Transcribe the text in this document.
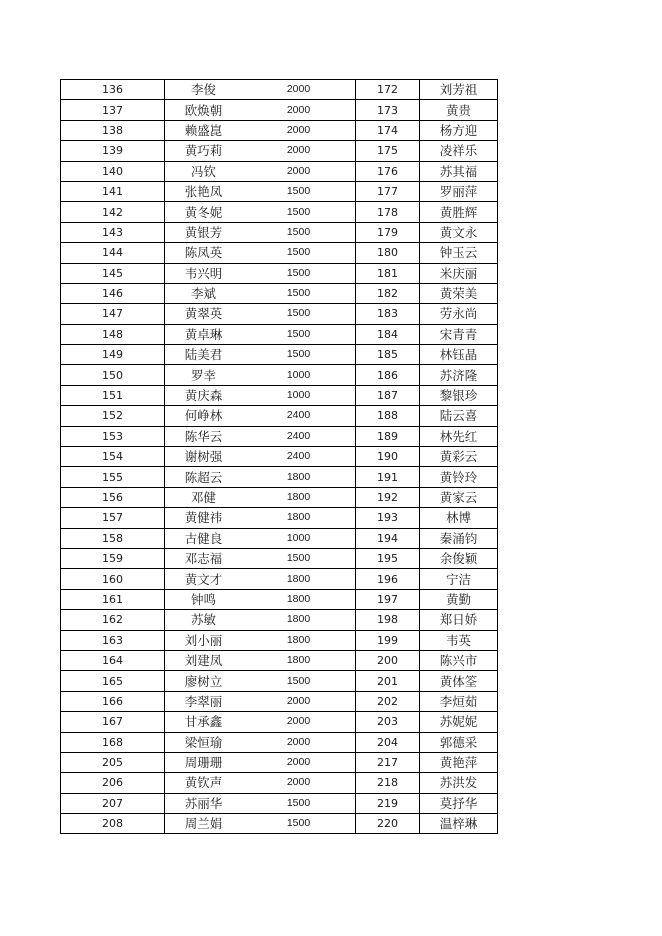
136	李俊	2000	172	刘芳祖
137	欧焕朝	2000	173	黄贵
138	赖盛崑	2000	174	杨方迎
139	黄巧莉	2000	175	凌祥乐
140	冯钦	2000	176	苏其福
141	张艳凤	1500	177	罗丽萍
142	黄冬妮	1500	178	黄胜辉
143	黄银芳	1500	179	黄文永
144	陈凤英	1500	180	钟玉云
145	韦兴明	1500	181	米庆丽
146	李斌	1500	182	黄荣美
147	黄翠英	1500	183	劳永尚
148	黄卓琳	1500	184	宋青青
149	陆美君	1500	185	林钰晶
150	罗幸	1000	186	苏济隆
151	黄庆森	1000	187	黎银珍
152	何峥林	2400	188	陆云喜
153	陈华云	2400	189	林先红
154	谢树强	2400	190	黄彩云
155	陈超云	1800	191	黄铃玲
156	邓健	1800	192	黄家云
157	黄健祎	1800	193	林博
158	古健良	1000	194	秦涌钧
159	邓志福	1500	195	余俊颖
160	黄文才	1800	196	宁洁
161	钟鸣	1800	197	黄勤
162	苏敏	1800	198	郑日娇
163	刘小丽	1800	199	韦英
164	刘建凤	1800	200	陈兴市
165	廖树立	1500	201	黄体筌
166	李翠丽	2000	202	李烜茹
167	甘承鑫	2000	203	苏妮妮
168	梁恒瑜	2000	204	郭德采
205	周珊珊	2000	217	黄艳萍
206	黄钦声	2000	218	苏洪发
207	苏丽华	1500	219	莫抒华
208	周兰娟	1500	220	温梓琳
